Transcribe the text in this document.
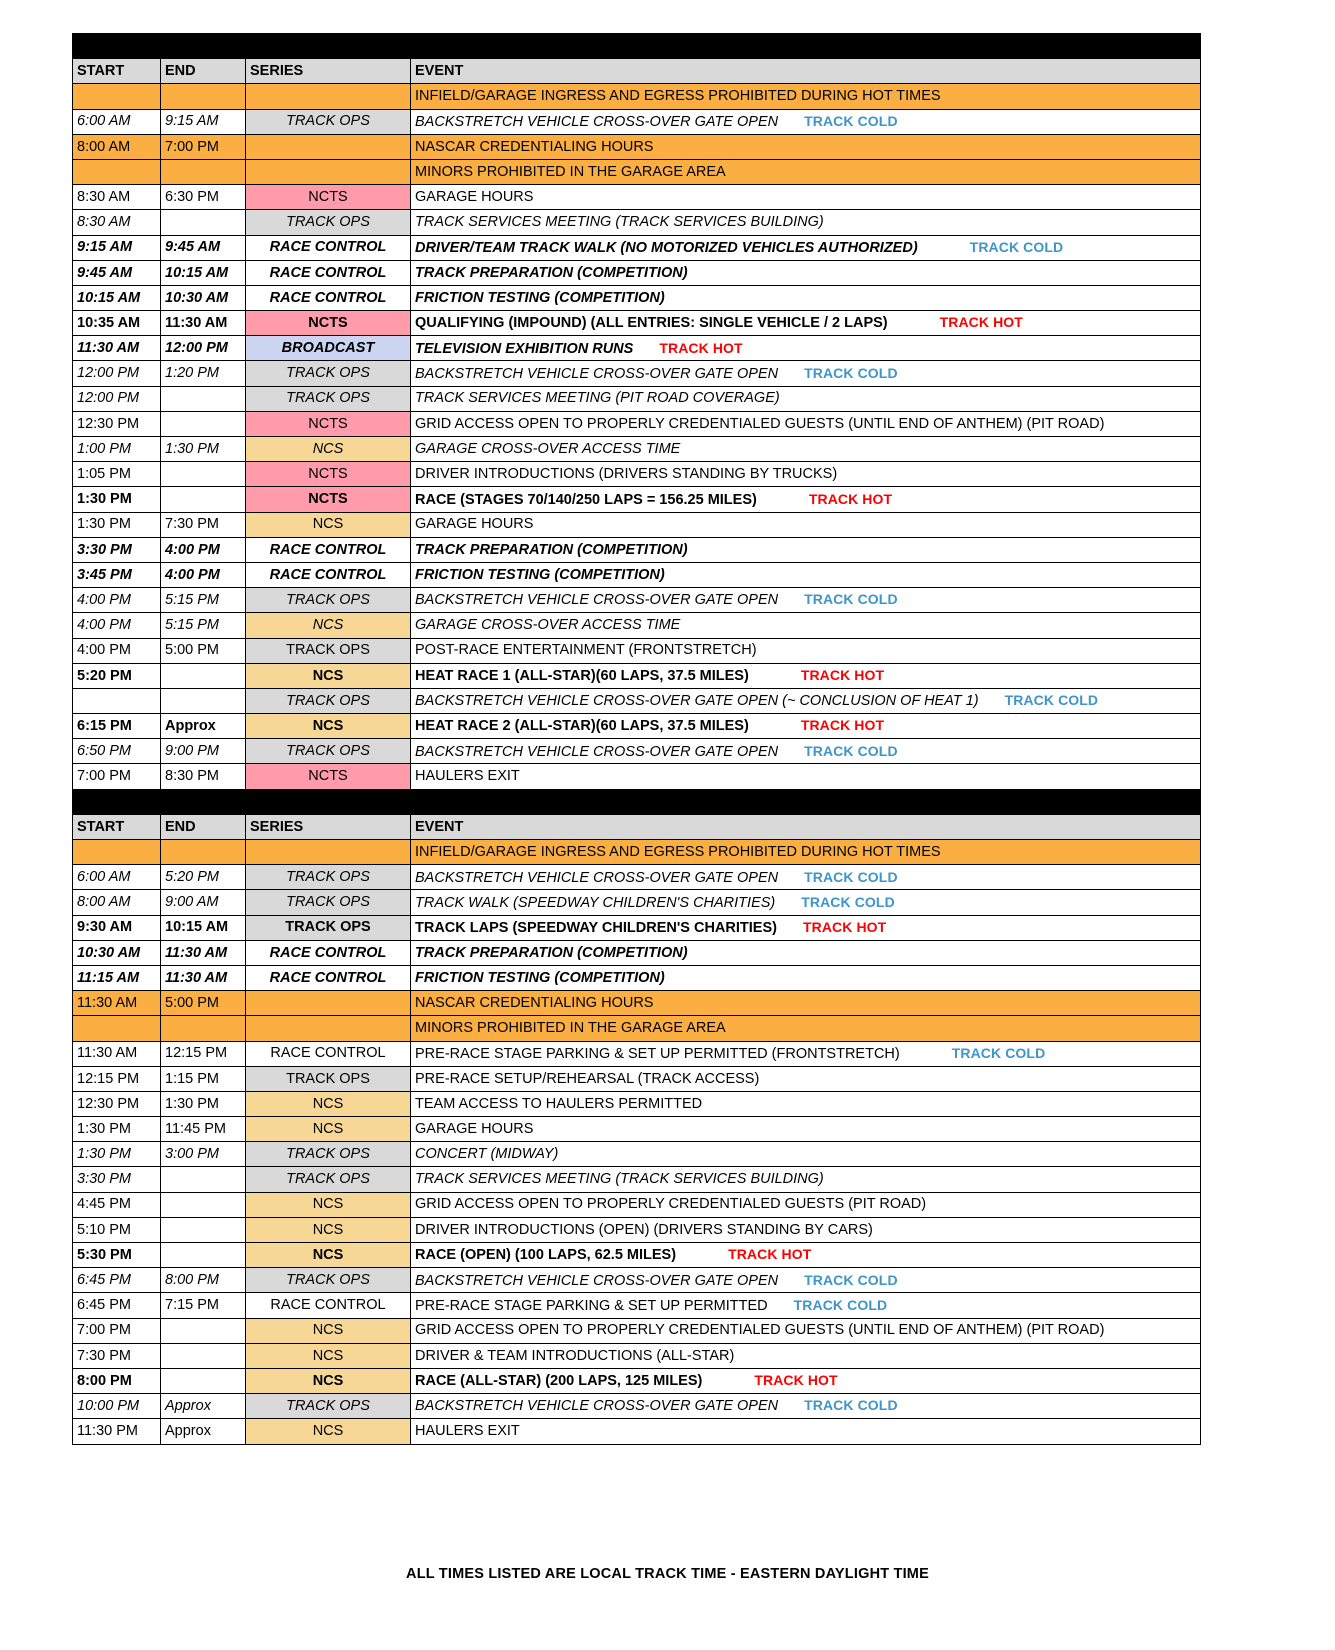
SATURDAY, MAY 18			
START	END	SERIES	EVENT
			INFIELD/GARAGE INGRESS AND EGRESS PROHIBITED DURING HOT TIMES
6:00 AM	9:15 AM	TRACK OPS	BACKSTRETCH VEHICLE CROSS-OVER GATE OPEN TRACK COLD
8:00 AM	7:00 PM		NASCAR CREDENTIALING HOURS
			MINORS PROHIBITED IN THE GARAGE AREA
8:30 AM	6:30 PM	NCTS	GARAGE HOURS
8:30 AM		TRACK OPS	TRACK SERVICES MEETING (TRACK SERVICES BUILDING)
9:15 AM	9:45 AM	RACE CONTROL	DRIVER/TEAM TRACK WALK (NO MOTORIZED VEHICLES AUTHORIZED) TRACK COLD
9:45 AM	10:15 AM	RACE CONTROL	TRACK PREPARATION (COMPETITION)
10:15 AM	10:30 AM	RACE CONTROL	FRICTION TESTING (COMPETITION)
10:35 AM	11:30 AM	NCTS	QUALIFYING (IMPOUND) (ALL ENTRIES: SINGLE VEHICLE / 2 LAPS) TRACK HOT
11:30 AM	12:00 PM	BROADCAST	TELEVISION EXHIBITION RUNS TRACK HOT
12:00 PM	1:20 PM	TRACK OPS	BACKSTRETCH VEHICLE CROSS-OVER GATE OPEN TRACK COLD
12:00 PM		TRACK OPS	TRACK SERVICES MEETING (PIT ROAD COVERAGE)
12:30 PM		NCTS	GRID ACCESS OPEN TO PROPERLY CREDENTIALED GUESTS (UNTIL END OF ANTHEM) (PIT ROAD)
1:00 PM	1:30 PM	NCS	GARAGE CROSS-OVER ACCESS TIME
1:05 PM		NCTS	DRIVER INTRODUCTIONS (DRIVERS STANDING BY TRUCKS)
1:30 PM		NCTS	RACE (STAGES 70/140/250 LAPS = 156.25 MILES) TRACK HOT
1:30 PM	7:30 PM	NCS	GARAGE HOURS
3:30 PM	4:00 PM	RACE CONTROL	TRACK PREPARATION (COMPETITION)
3:45 PM	4:00 PM	RACE CONTROL	FRICTION TESTING (COMPETITION)
4:00 PM	5:15 PM	TRACK OPS	BACKSTRETCH VEHICLE CROSS-OVER GATE OPEN TRACK COLD
4:00 PM	5:15 PM	NCS	GARAGE CROSS-OVER ACCESS TIME
4:00 PM	5:00 PM	TRACK OPS	POST-RACE ENTERTAINMENT (FRONTSTRETCH)
5:20 PM		NCS	HEAT RACE 1 (ALL-STAR)(60 LAPS, 37.5 MILES) TRACK HOT
		TRACK OPS	BACKSTRETCH VEHICLE CROSS-OVER GATE OPEN (~ CONCLUSION OF HEAT 1) TRACK COLD
6:15 PM	Approx	NCS	HEAT RACE 2 (ALL-STAR)(60 LAPS, 37.5 MILES) TRACK HOT
6:50 PM	9:00 PM	TRACK OPS	BACKSTRETCH VEHICLE CROSS-OVER GATE OPEN TRACK COLD
7:00 PM	8:30 PM	NCTS	HAULERS EXIT
SUNDAY, MAY 19			
START	END	SERIES	EVENT
			INFIELD/GARAGE INGRESS AND EGRESS PROHIBITED DURING HOT TIMES
6:00 AM	5:20 PM	TRACK OPS	BACKSTRETCH VEHICLE CROSS-OVER GATE OPEN TRACK COLD
8:00 AM	9:00 AM	TRACK OPS	TRACK WALK (SPEEDWAY CHILDREN'S CHARITIES) TRACK COLD
9:30 AM	10:15 AM	TRACK OPS	TRACK LAPS (SPEEDWAY CHILDREN'S CHARITIES) TRACK HOT
10:30 AM	11:30 AM	RACE CONTROL	TRACK PREPARATION (COMPETITION)
11:15 AM	11:30 AM	RACE CONTROL	FRICTION TESTING (COMPETITION)
11:30 AM	5:00 PM		NASCAR CREDENTIALING HOURS
			MINORS PROHIBITED IN THE GARAGE AREA
11:30 AM	12:15 PM	RACE CONTROL	PRE-RACE STAGE PARKING & SET UP PERMITTED (FRONTSTRETCH) TRACK COLD
12:15 PM	1:15 PM	TRACK OPS	PRE-RACE SETUP/REHEARSAL (TRACK ACCESS)
12:30 PM	1:30 PM	NCS	TEAM ACCESS TO HAULERS PERMITTED
1:30 PM	11:45 PM	NCS	GARAGE HOURS
1:30 PM	3:00 PM	TRACK OPS	CONCERT (MIDWAY)
3:30 PM		TRACK OPS	TRACK SERVICES MEETING (TRACK SERVICES BUILDING)
4:45 PM		NCS	GRID ACCESS OPEN TO PROPERLY CREDENTIALED GUESTS (PIT ROAD)
5:10 PM		NCS	DRIVER INTRODUCTIONS (OPEN) (DRIVERS STANDING BY CARS)
5:30 PM		NCS	RACE (OPEN) (100 LAPS, 62.5 MILES) TRACK HOT
6:45 PM	8:00 PM	TRACK OPS	BACKSTRETCH VEHICLE CROSS-OVER GATE OPEN TRACK COLD
6:45 PM	7:15 PM	RACE CONTROL	PRE-RACE STAGE PARKING & SET UP PERMITTED TRACK COLD
7:00 PM		NCS	GRID ACCESS OPEN TO PROPERLY CREDENTIALED GUESTS (UNTIL END OF ANTHEM) (PIT ROAD)
7:30 PM		NCS	DRIVER & TEAM INTRODUCTIONS (ALL-STAR)
8:00 PM		NCS	RACE (ALL-STAR) (200 LAPS, 125 MILES) TRACK HOT
10:00 PM	Approx	TRACK OPS	BACKSTRETCH VEHICLE CROSS-OVER GATE OPEN TRACK COLD
11:30 PM	Approx	NCS	HAULERS EXIT
ALL TIMES LISTED ARE LOCAL TRACK TIME - EASTERN DAYLIGHT TIME
